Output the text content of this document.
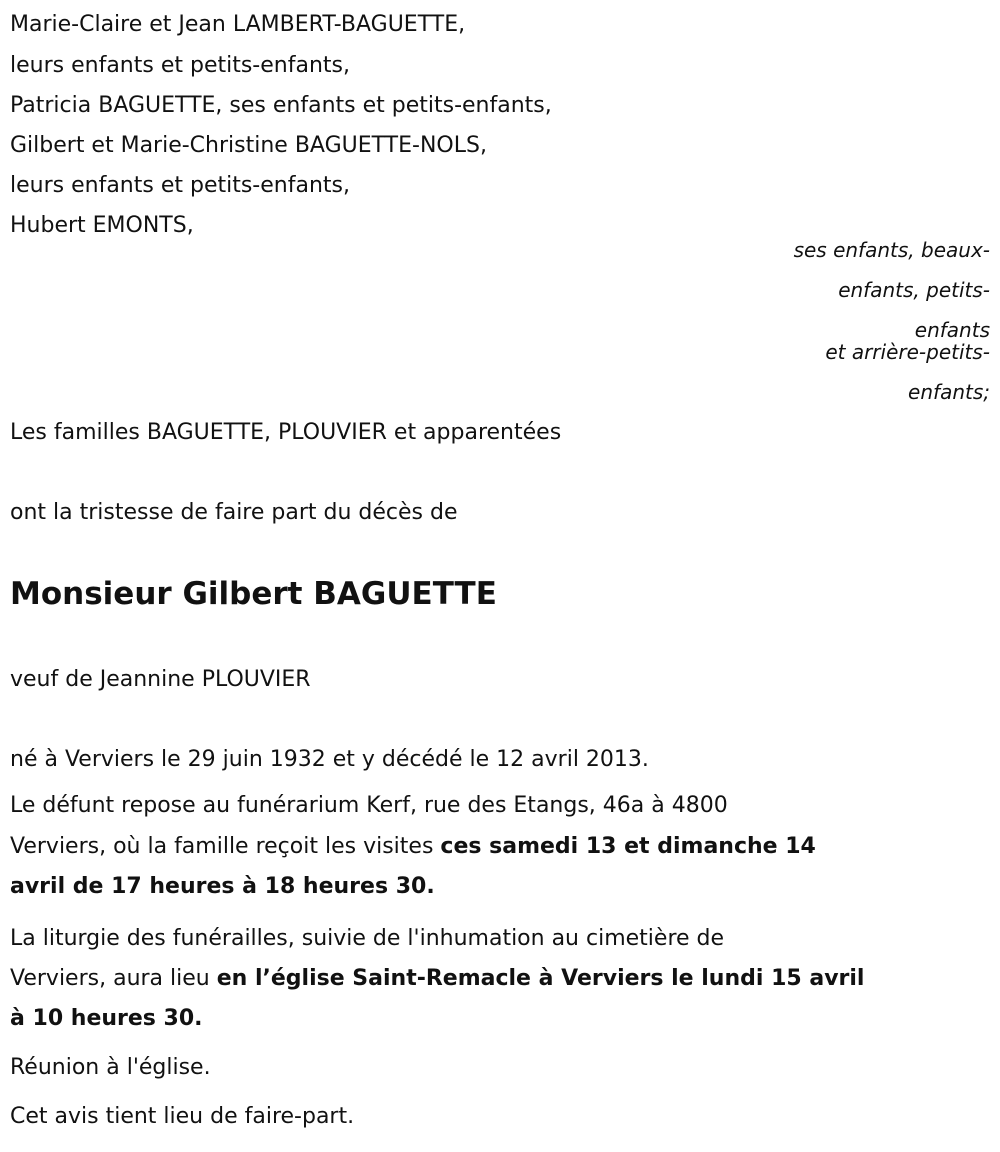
Marie-Claire et Jean LAMBERT-BAGUETTE,
leurs enfants et petits-enfants,
Patricia BAGUETTE, ses enfants et petits-enfants,
Gilbert et Marie-Christine BAGUETTE-NOLS,
leurs enfants et petits-enfants,
Hubert EMONTS,
ses enfants, beaux-
enfants, petits-
enfants
et arrière-petits-
enfants;
Les familles BAGUETTE, PLOUVIER et apparentées
ont la tristesse de faire part du décès de
Monsieur Gilbert BAGUETTE
veuf de Jeannine PLOUVIER
né à Verviers le 29 juin 1932 et y décédé le 12 avril 2013.
Le défunt repose au funérarium Kerf, rue des Etangs, 46a à 4800
Verviers, où la famille reçoit les visites ces samedi 13 et dimanche 14
avril de 17 heures à 18 heures 30.
La liturgie des funérailles, suivie de l'inhumation au cimetière de
Verviers, aura lieu en l’église Saint-Remacle à Verviers le lundi 15 avril
à 10 heures 30.
Réunion à l'église.
Cet avis tient lieu de faire-part.
